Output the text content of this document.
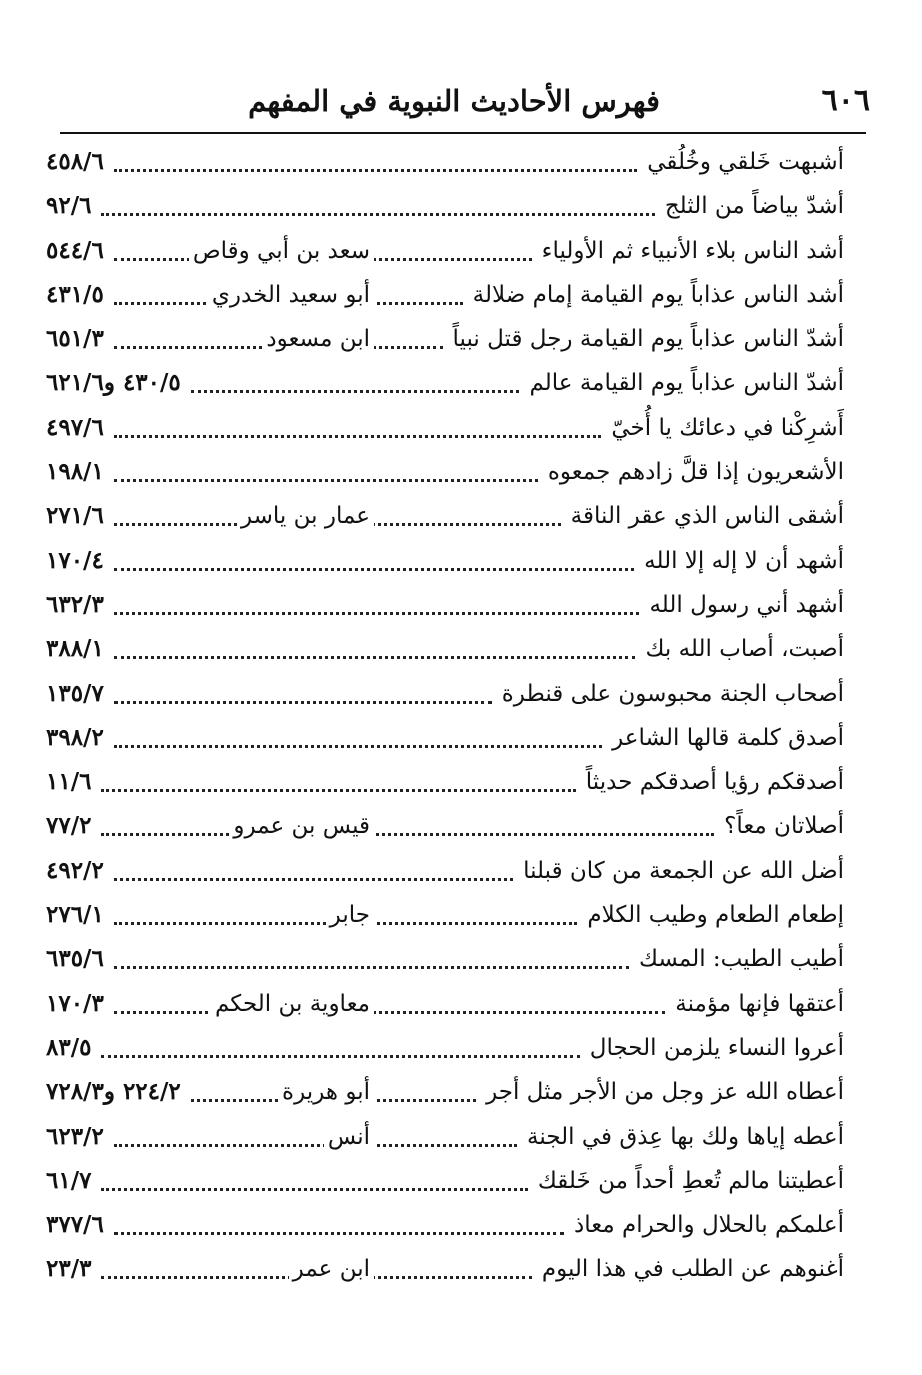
٦٠٦
فهرس الأحاديث النبوية في المفهم
أشبهت خَلقي وخُلُقي
٤٥٨/٦
أشدّ بياضاً من الثلج
٩٢/٦
أشد الناس بلاء الأنبياء ثم الأولياء
سعد بن أبي وقاص
٥٤٤/٦
أشد الناس عذاباً يوم القيامة إمام ضلالة
أبو سعيد الخدري
٤٣١/٥
أشدّ الناس عذاباً يوم القيامة رجل قتل نبياً
ابن مسعود
٦٥١/٣
أشدّ الناس عذاباً يوم القيامة عالم
٤٣٠/٥ و٦٢١/٦
أَشرِكْنا في دعائك يا أُخيّ
٤٩٧/٦
الأشعريون إذا قلَّ زادهم جمعوه
١٩٨/١
أشقى الناس الذي عقر الناقة
عمار بن ياسر
٢٧١/٦
أشهد أن لا إله إلا الله
١٧٠/٤
أشهد أني رسول الله
٦٣٢/٣
أصبت، أصاب الله بك
٣٨٨/١
أصحاب الجنة محبوسون على قنطرة
١٣٥/٧
أصدق كلمة قالها الشاعر
٣٩٨/٢
أصدقكم رؤيا أصدقكم حديثاً
١١/٦
أصلاتان معاً؟
قيس بن عمرو
٧٧/٢
أضل الله عن الجمعة من كان قبلنا
٤٩٢/٢
إطعام الطعام وطيب الكلام
جابر
٢٧٦/١
أطيب الطيب: المسك
٦٣٥/٦
أعتقها فإنها مؤمنة
معاوية بن الحكم
١٧٠/٣
أعروا النساء يلزمن الحجال
٨٣/٥
أعطاه الله عز وجل من الأجر مثل أجر
أبو هريرة
٢٢٤/٢ و٧٢٨/٣
أعطه إياها ولك بها عِذق في الجنة
أنس
٦٢٣/٢
أعطيتنا مالم تُعطِ أحداً من خَلقك
٦١/٧
أعلمكم بالحلال والحرام معاذ
٣٧٧/٦
أغنوهم عن الطلب في هذا اليوم
ابن عمر
٢٣/٣
